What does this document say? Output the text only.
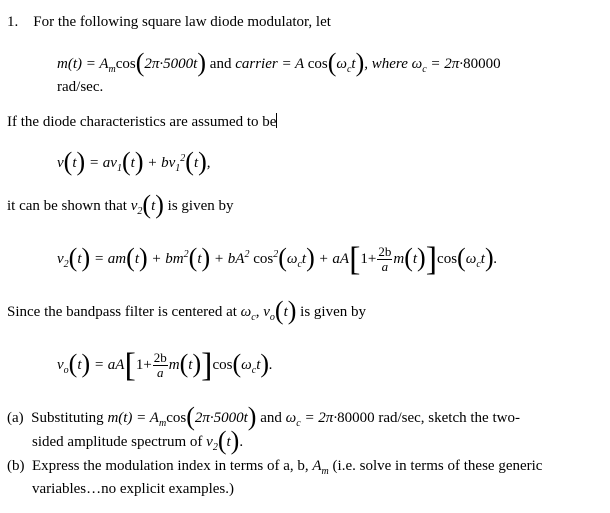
1. For the following square law diode modulator, let
$m(t) = A_m\cos(2\pi\cdot 5000t)$ and carrier = A $\cos(\omega_ct)$, where $\omega_c = 2\pi\cdot 80000$
rad/sec.
If the diode characteristics are assumed to be
$v(t) = av_1(t) + bv_1^2(t)$,
it can be shown that $v_2(t)$ is given by
$v_2(t) = am(t) + bm^2(t) + bA^2$ $\cos^2(\omega_ct) + aA[1+ \frac{2b}{a} m(t)]\cos(\omega_ct)$.
Since the bandpass filter is centered at $\omega_c$, $v_o(t)$ is given by
$v_o(t) = aA[1+ \frac{2b}{a} m(t)]\cos(\omega_ct)$.
(a) Substituting $m(t) = A_m\cos(2\pi\cdot 5000t)$ and $\omega_c = 2\pi\cdot 80000$ rad/sec, sketch the two-
sided amplitude spectrum of $v_2(t)$.
(b) Express the modulation index in terms of a, b, $A_m$ (i.e. solve in terms of these generic
variables…no explicit examples.)
